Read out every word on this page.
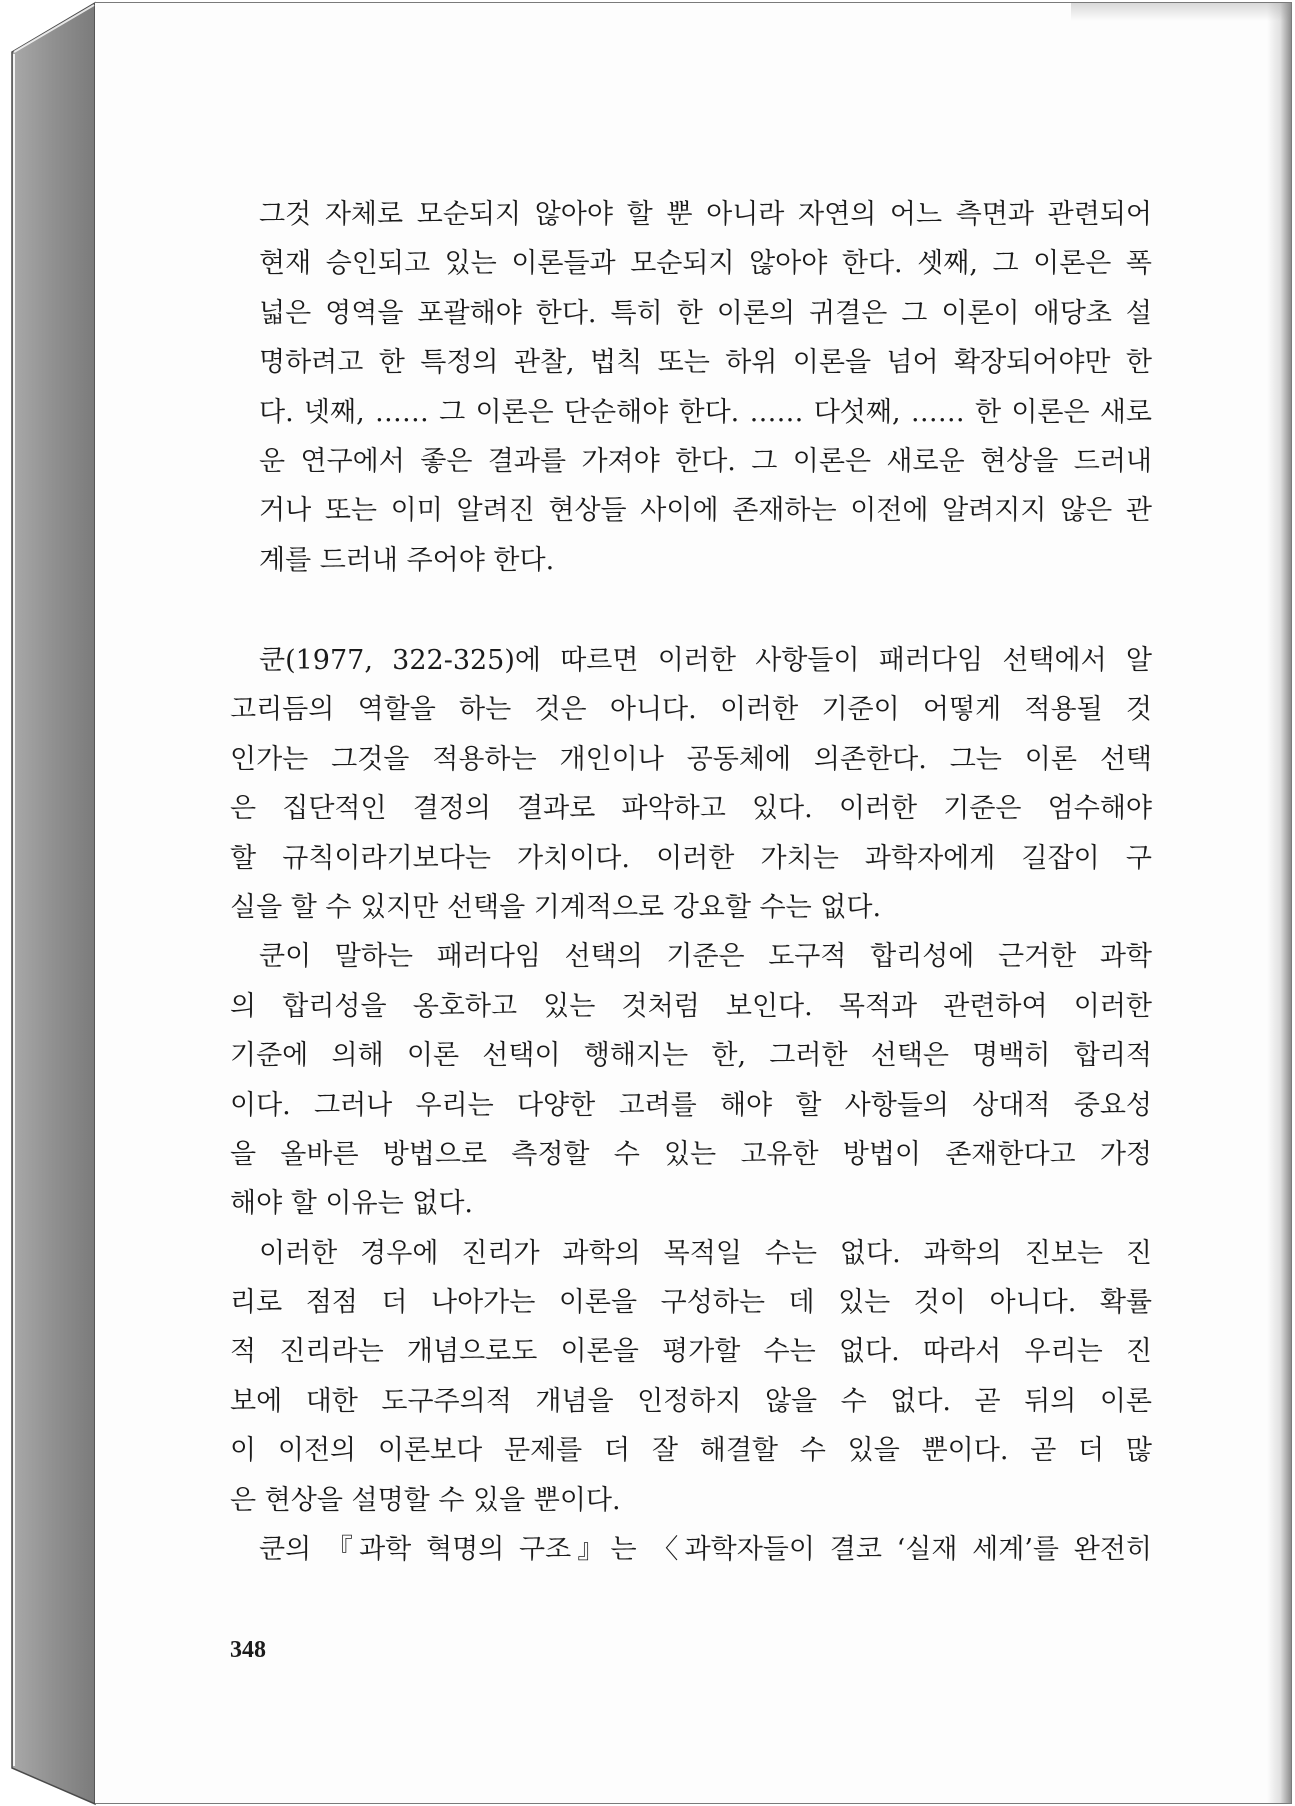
그것 자체로 모순되지 않아야 할 뿐 아니라 자연의 어느 측면과 관련되어
현재 승인되고 있는 이론들과 모순되지 않아야 한다. 셋째, 그 이론은 폭
넓은 영역을 포괄해야 한다. 특히 한 이론의 귀결은 그 이론이 애당초 설
명하려고 한 특정의 관찰, 법칙 또는 하위 이론을 넘어 확장되어야만 한
다. 넷째, …… 그 이론은 단순해야 한다. …… 다섯째, …… 한 이론은 새로
운 연구에서 좋은 결과를 가져야 한다. 그 이론은 새로운 현상을 드러내
거나 또는 이미 알려진 현상들 사이에 존재하는 이전에 알려지지 않은 관
계를 드러내 주어야 한다.
쿤(1977, 322-325)에 따르면 이러한 사항들이 패러다임 선택에서 알
고리듬의 역할을 하는 것은 아니다. 이러한 기준이 어떻게 적용될 것
인가는 그것을 적용하는 개인이나 공동체에 의존한다. 그는 이론 선택
은 집단적인 결정의 결과로 파악하고 있다. 이러한 기준은 엄수해야
할 규칙이라기보다는 가치이다. 이러한 가치는 과학자에게 길잡이 구
실을 할 수 있지만 선택을 기계적으로 강요할 수는 없다.
쿤이 말하는 패러다임 선택의 기준은 도구적 합리성에 근거한 과학
의 합리성을 옹호하고 있는 것처럼 보인다. 목적과 관련하여 이러한
기준에 의해 이론 선택이 행해지는 한, 그러한 선택은 명백히 합리적
이다. 그러나 우리는 다양한 고려를 해야 할 사항들의 상대적 중요성
을 올바른 방법으로 측정할 수 있는 고유한 방법이 존재한다고 가정
해야 할 이유는 없다.
이러한 경우에 진리가 과학의 목적일 수는 없다. 과학의 진보는 진
리로 점점 더 나아가는 이론을 구성하는 데 있는 것이 아니다. 확률
적 진리라는 개념으로도 이론을 평가할 수는 없다. 따라서 우리는 진
보에 대한 도구주의적 개념을 인정하지 않을 수 없다. 곧 뒤의 이론
이 이전의 이론보다 문제를 더 잘 해결할 수 있을 뿐이다. 곧 더 많
은 현상을 설명할 수 있을 뿐이다.
쿤의 『과학 혁명의 구조』는 〈과학자들이 결코 ‘실재 세계’를 완전히
348
